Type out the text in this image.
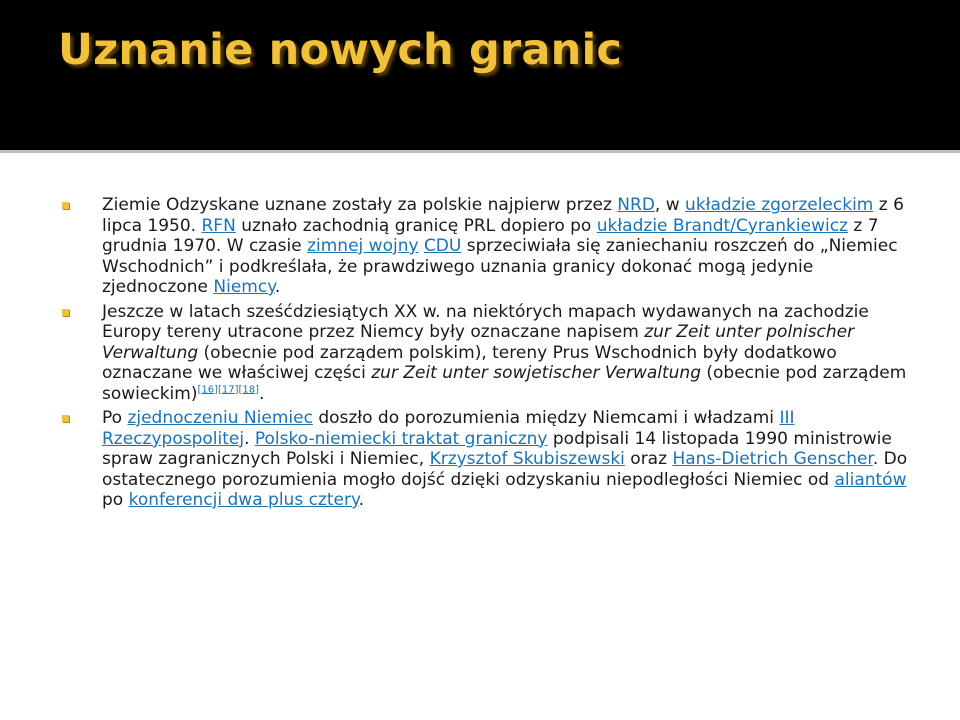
Uznanie nowych granic
Ziemie Odzyskane uznane zostały za polskie najpierw przez NRD, w układzie zgorzeleckim z 6 lipca 1950. RFN uznało zachodnią granicę PRL dopiero po układzie Brandt/Cyrankiewicz z 7 grudnia 1970. W czasie zimnej wojny CDU sprzeciwiała się zaniechaniu roszczeń do „Niemiec Wschodnich” i podkreślała, że prawdziwego uznania granicy dokonać mogą jedynie zjednoczone Niemcy.
Jeszcze w latach sześćdziesiątych XX w. na niektórych mapach wydawanych na zachodzie Europy tereny utracone przez Niemcy były oznaczane napisem zur Zeit unter polnischer Verwaltung (obecnie pod zarządem polskim), tereny Prus Wschodnich były dodatkowo oznaczane we właściwej części zur Zeit unter sowjetischer Verwaltung (obecnie pod zarządem sowieckim)[16][17][18].
Po zjednoczeniu Niemiec doszło do porozumienia między Niemcami i władzami III Rzeczypospolitej. Polsko-niemiecki traktat graniczny podpisali 14 listopada 1990 ministrowie spraw zagranicznych Polski i Niemiec, Krzysztof Skubiszewski oraz Hans-Dietrich Genscher. Do ostatecznego porozumienia mogło dojść dzięki odzyskaniu niepodległości Niemiec od aliantów po konferencji dwa plus cztery.
